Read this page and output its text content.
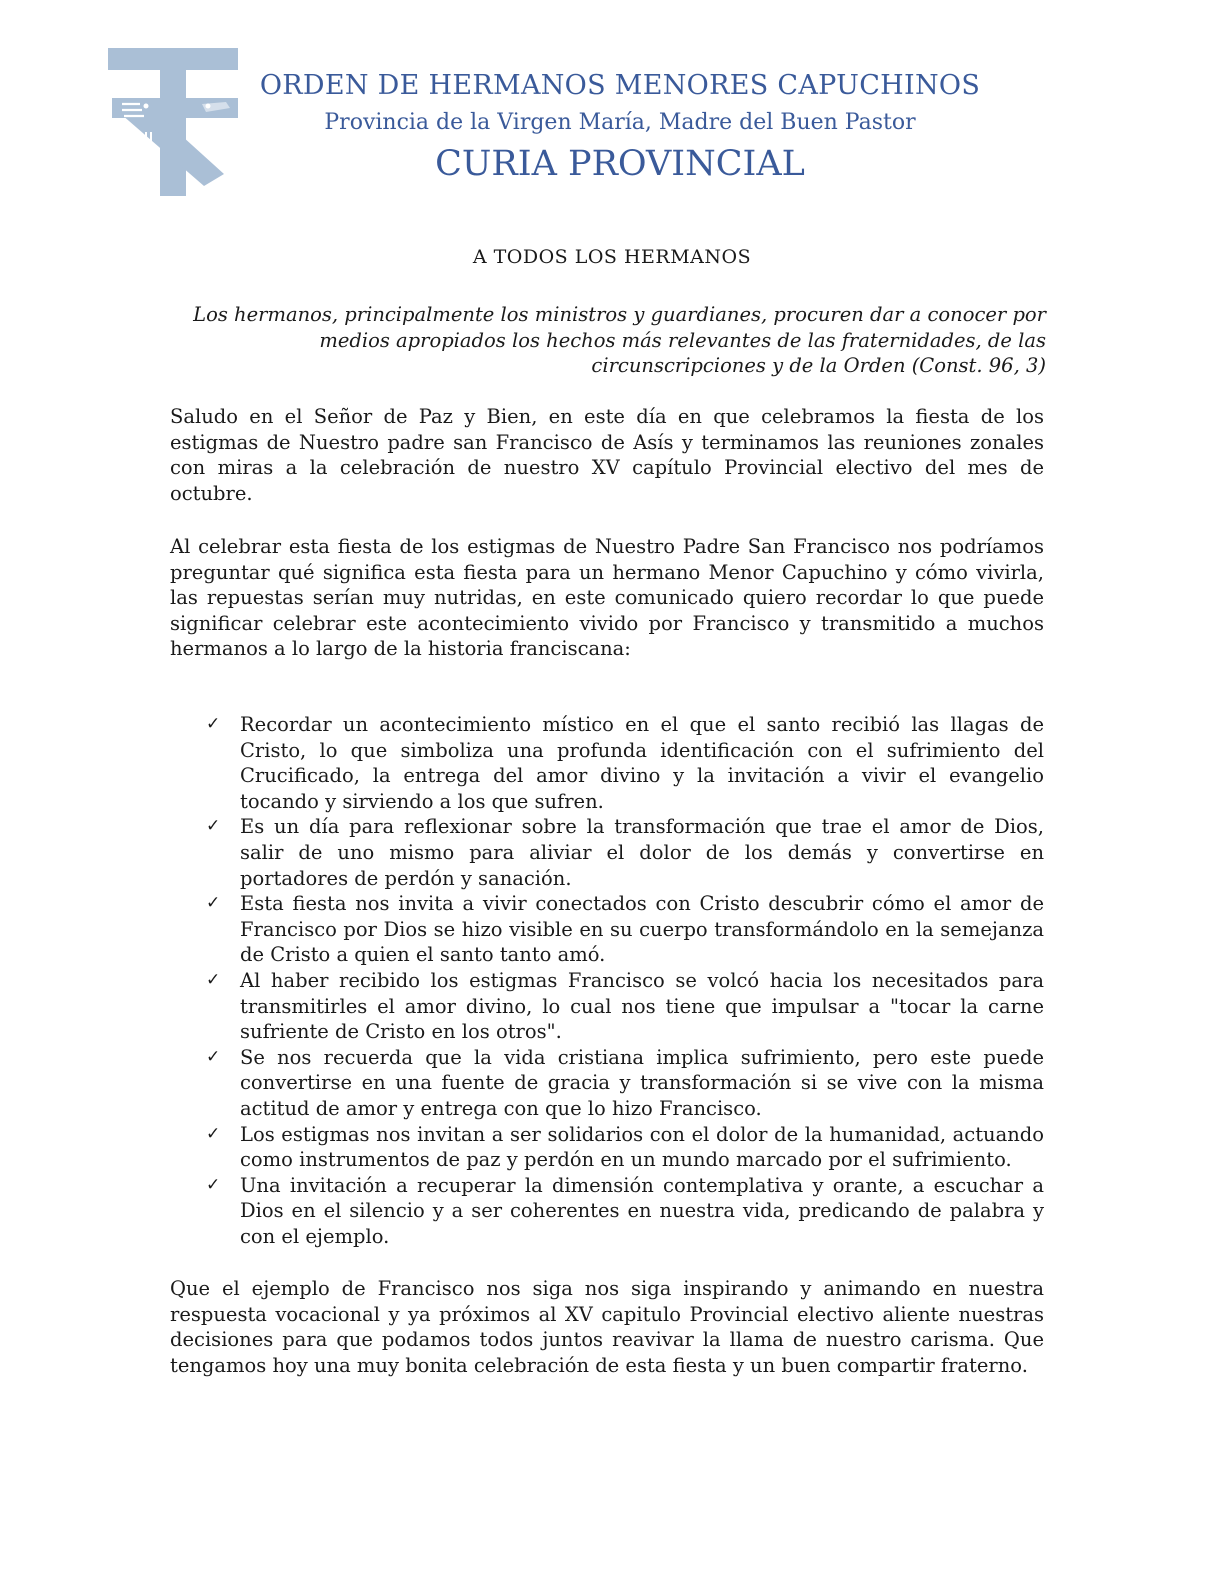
ORDEN DE HERMANOS MENORES CAPUCHINOS
Provincia de la Virgen María, Madre del Buen Pastor
CURIA PROVINCIAL
A TODOS LOS HERMANOS
Los hermanos, principalmente los ministros y guardianes, procuren dar a conocer por medios apropiados los hechos más relevantes de las fraternidades, de las circunscripciones y de la Orden (Const. 96, 3)

Saludo en el Señor de Paz y Bien, en este día en que celebramos la fiesta de los estigmas de Nuestro padre san Francisco de Asís y terminamos las reuniones zonales con miras a la celebración de nuestro XV capítulo Provincial electivo del mes de octubre.

Al celebrar esta fiesta de los estigmas de Nuestro Padre San Francisco nos podríamos preguntar qué significa esta fiesta para un hermano Menor Capuchino y cómo vivirla, las repuestas serían muy nutridas, en este comunicado quiero recordar lo que puede significar celebrar este acontecimiento vivido por Francisco y transmitido a muchos hermanos a lo largo de la historia franciscana:

✓ Recordar un acontecimiento místico en el que el santo recibió las llagas de Cristo, lo que simboliza una profunda identificación con el sufrimiento del Crucificado, la entrega del amor divino y la invitación a vivir el evangelio tocando y sirviendo a los que sufren.
✓ Es un día para reflexionar sobre la transformación que trae el amor de Dios, salir de uno mismo para aliviar el dolor de los demás y convertirse en portadores de perdón y sanación.
✓ Esta fiesta nos invita a vivir conectados con Cristo descubrir cómo el amor de Francisco por Dios se hizo visible en su cuerpo transformándolo en la semejanza de Cristo a quien el santo tanto amó.
✓ Al haber recibido los estigmas Francisco se volcó hacia los necesitados para transmitirles el amor divino, lo cual nos tiene que impulsar a "tocar la carne sufriente de Cristo en los otros".
✓ Se nos recuerda que la vida cristiana implica sufrimiento, pero este puede convertirse en una fuente de gracia y transformación si se vive con la misma actitud de amor y entrega con que lo hizo Francisco.
✓ Los estigmas nos invitan a ser solidarios con el dolor de la humanidad, actuando como instrumentos de paz y perdón en un mundo marcado por el sufrimiento.
✓ Una invitación a recuperar la dimensión contemplativa y orante, a escuchar a Dios en el silencio y a ser coherentes en nuestra vida, predicando de palabra y con el ejemplo.

Que el ejemplo de Francisco nos siga nos siga inspirando y animando en nuestra respuesta vocacional y ya próximos al XV capitulo Provincial electivo aliente nuestras decisiones para que podamos todos juntos reavivar la llama de nuestro carisma. Que tengamos hoy una muy bonita celebración de esta fiesta y un buen compartir fraterno.
